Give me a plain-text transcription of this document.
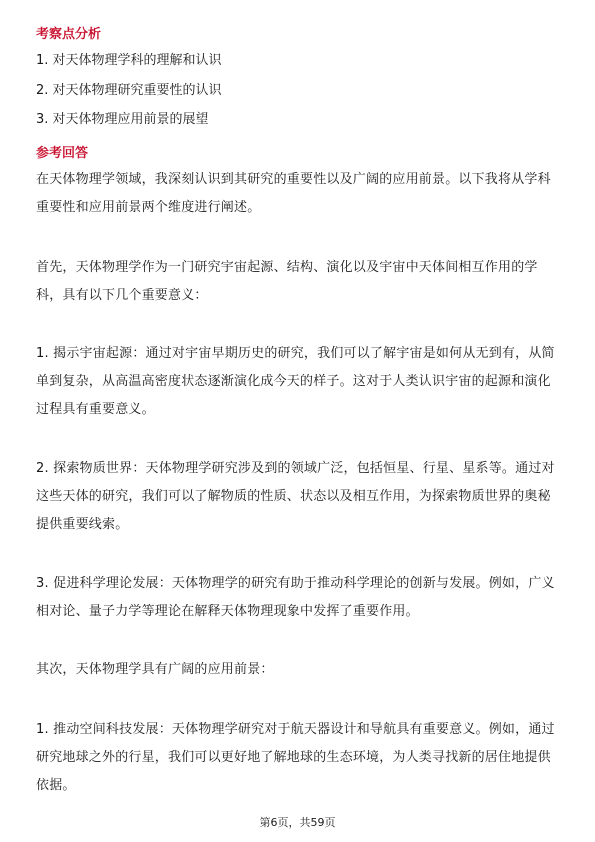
考察点分析
1. 对天体物理学科的理解和认识
2. 对天体物理研究重要性的认识
3. 对天体物理应用前景的展望
参考回答

在天体物理学领域，我深刻认识到其研究的重要性以及广阔的应用前景。以下我将从学科重要性和应用前景两个维度进行阐述。

首先，天体物理学作为一门研究宇宙起源、结构、演化以及宇宙中天体间相互作用的学科，具有以下几个重要意义：

1. 揭示宇宙起源：通过对宇宙早期历史的研究，我们可以了解宇宙是如何从无到有，从简单到复杂，从高温高密度状态逐渐演化成今天的样子。这对于人类认识宇宙的起源和演化过程具有重要意义。

2. 探索物质世界：天体物理学研究涉及到的领域广泛，包括恒星、行星、星系等。通过对这些天体的研究，我们可以了解物质的性质、状态以及相互作用，为探索物质世界的奥秘提供重要线索。

3. 促进科学理论发展：天体物理学的研究有助于推动科学理论的创新与发展。例如，广义相对论、量子力学等理论在解释天体物理现象中发挥了重要作用。

其次，天体物理学具有广阔的应用前景：

1. 推动空间科技发展：天体物理学研究对于航天器设计和导航具有重要意义。例如，通过研究地球之外的行星，我们可以更好地了解地球的生态环境，为人类寻找新的居住地提供依据。

第6页，共59页
